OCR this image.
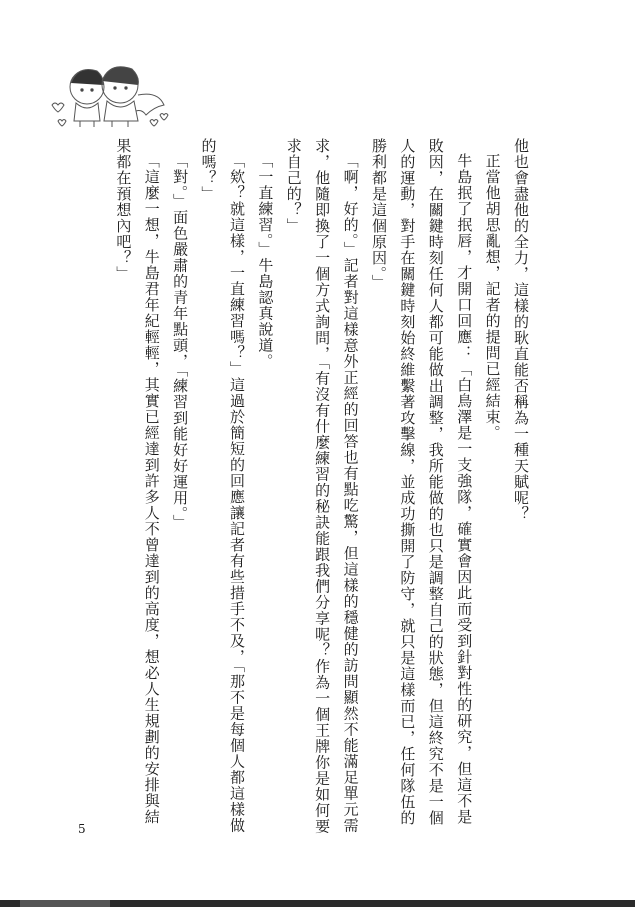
他也會盡他的全力，這樣的耿直能否稱為一種天賦呢？

正當他胡思亂想，記者的提問已經結束。

牛島抿了抿唇，才開口回應：「白鳥澤是一支強隊，確實會因此而受到針對性的研究，但這不是敗因，在關鍵時刻任何人都可能做出調整，我所能做的也只是調整自己的狀態，但這終究不是一個人的運動，對手在關鍵時刻始終維繫著攻擊線，並成功撕開了防守，就只是這樣而已，任何隊伍的勝利都是這個原因。」

「啊，好的。」記者對這樣意外正經的回答也有點吃驚，但這樣的穩健的訪問顯然不能滿足單元需求，他隨即換了一個方式詢問，「有沒有什麼練習的秘訣能跟我們分享呢？作為一個王牌你是如何要求自己的？」

「一直練習。」牛島認真說道。

「欸？就這樣，一直練習嗎？」這過於簡短的回應讓記者有些措手不及，「那不是每個人都這樣做的嗎？」

「對。」面色嚴肅的青年點頭，「練習到能好好運用。」

「這麼一想，牛島君年紀輕輕，其實已經達到許多人不曾達到的高度，想必人生規劃的安排與結果都在預想內吧？」

5
